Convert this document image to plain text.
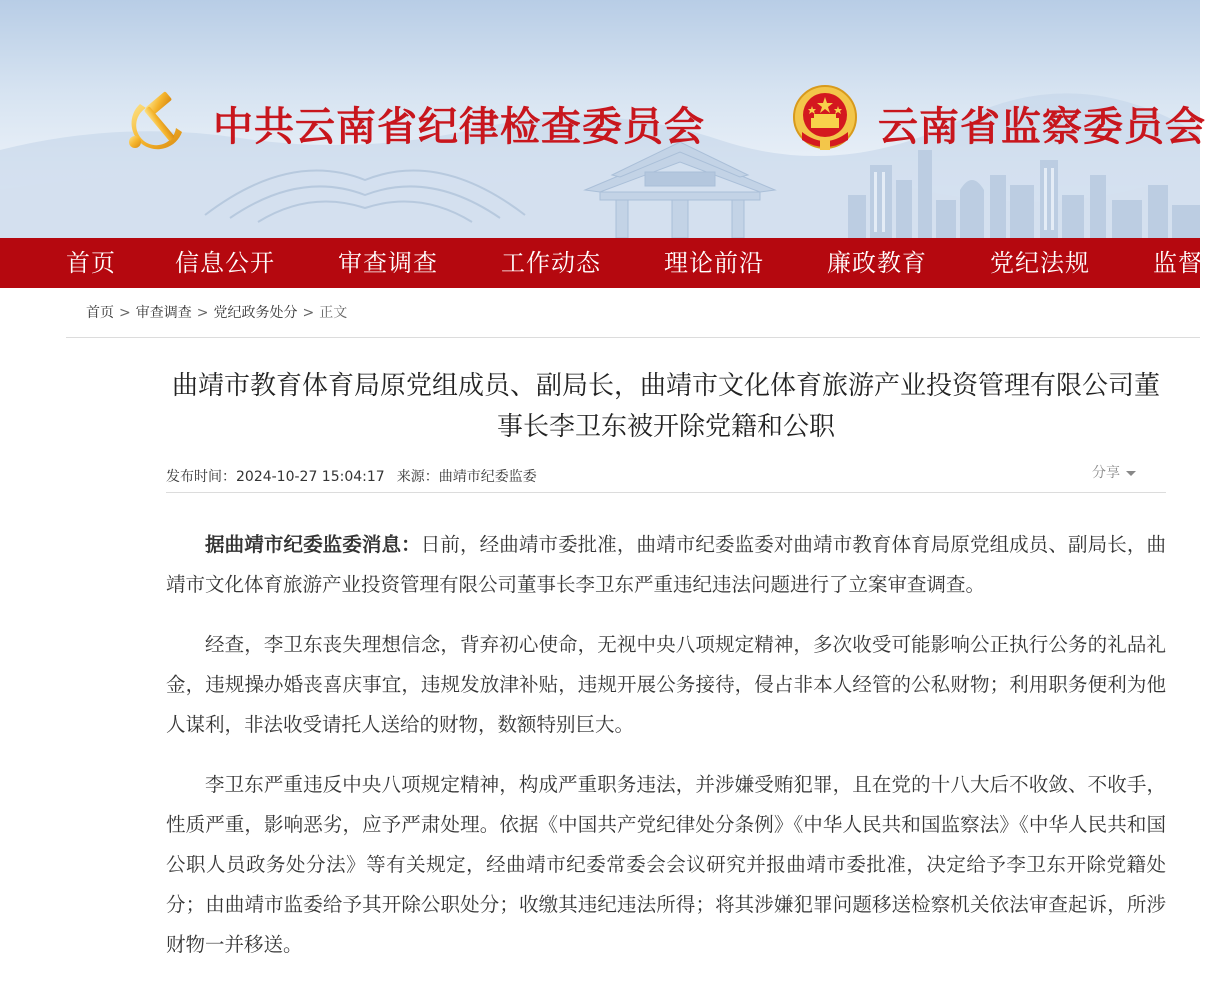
中共云南省纪律检查委员会	云南省监察委员会
首页 信息公开	审查调查	工作动态	理论前沿	廉政教育	党纪法规	监督
首页 > 审查调查 > 党纪政务处分 > 正文
曲靖市教育体育局原党组成员、副局长，曲靖市文化体育旅游产业投资管理有限公司董事长李卫东被开除党籍和公职
发布时间：2024-10-27 15:04:17 来源：曲靖市纪委监委	分享

据曲靖市纪委监委消息：日前，经曲靖市委批准，曲靖市纪委监委对曲靖市教育体育局原党组成员、副局长，曲靖市文化体育旅游产业投资管理有限公司董事长李卫东严重违纪违法问题进行了立案审查调查。

经查，李卫东丧失理想信念，背弃初心使命，无视中央八项规定精神，多次收受可能影响公正执行公务的礼品礼金，违规操办婚丧喜庆事宜，违规发放津补贴，违规开展公务接待，侵占非本人经管的公私财物；利用职务便利为他人谋利，非法收受请托人送给的财物，数额特别巨大。

李卫东严重违反中央八项规定精神，构成严重职务违法，并涉嫌受贿犯罪，且在党的十八大后不收敛、不收手，性质严重，影响恶劣，应予严肃处理。依据《中国共产党纪律处分条例》《中华人民共和国监察法》《中华人民共和国公职人员政务处分法》等有关规定，经曲靖市纪委常委会会议研究并报曲靖市委批准，决定给予李卫东开除党籍处分；由曲靖市监委给予其开除公职处分；收缴其违纪违法所得；将其涉嫌犯罪问题移送检察机关依法审查起诉，所涉财物一并移送。
